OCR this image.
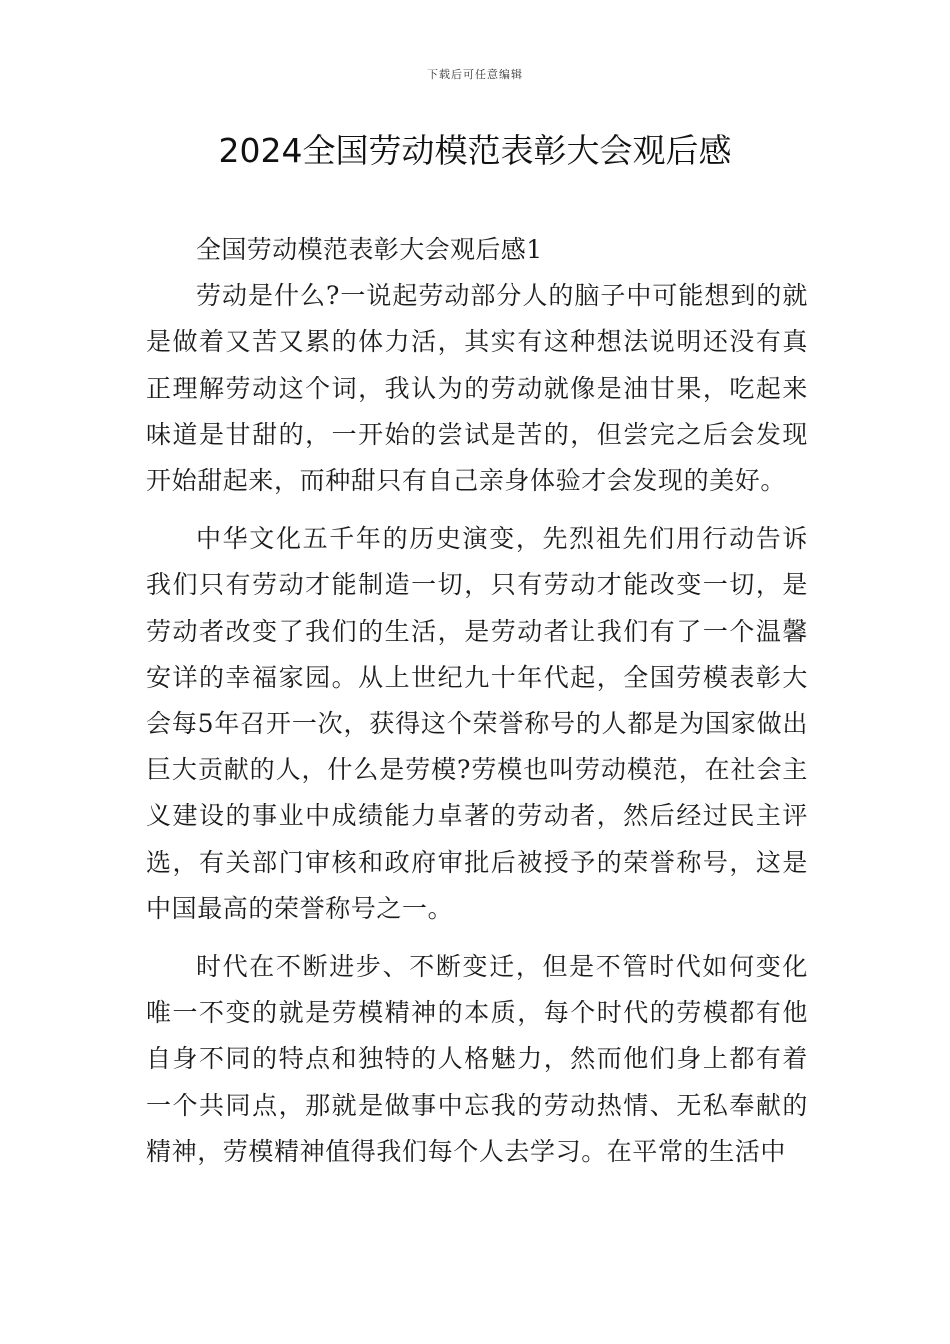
下载后可任意编辑
2024全国劳动模范表彰大会观后感

全国劳动模范表彰大会观后感1

劳动是什么?一说起劳动部分人的脑子中可能想到的就是做着又苦又累的体力活，其实有这种想法说明还没有真正理解劳动这个词，我认为的劳动就像是油甘果，吃起来味道是甘甜的，一开始的尝试是苦的，但尝完之后会发现开始甜起来，而种甜只有自己亲身体验才会发现的美好。

中华文化五千年的历史演变，先烈祖先们用行动告诉我们只有劳动才能制造一切，只有劳动才能改变一切，是劳动者改变了我们的生活，是劳动者让我们有了一个温馨安详的幸福家园。从上世纪九十年代起，全国劳模表彰大会每5年召开一次，获得这个荣誉称号的人都是为国家做出巨大贡献的人，什么是劳模?劳模也叫劳动模范，在社会主义建设的事业中成绩能力卓著的劳动者，然后经过民主评选，有关部门审核和政府审批后被授予的荣誉称号，这是中国最高的荣誉称号之一。

时代在不断进步、不断变迁，但是不管时代如何变化唯一不变的就是劳模精神的本质，每个时代的劳模都有他自身不同的特点和独特的人格魅力，然而他们身上都有着一个共同点，那就是做事中忘我的劳动热情、无私奉献的精神，劳模精神值得我们每个人去学习。在平常的生活中
